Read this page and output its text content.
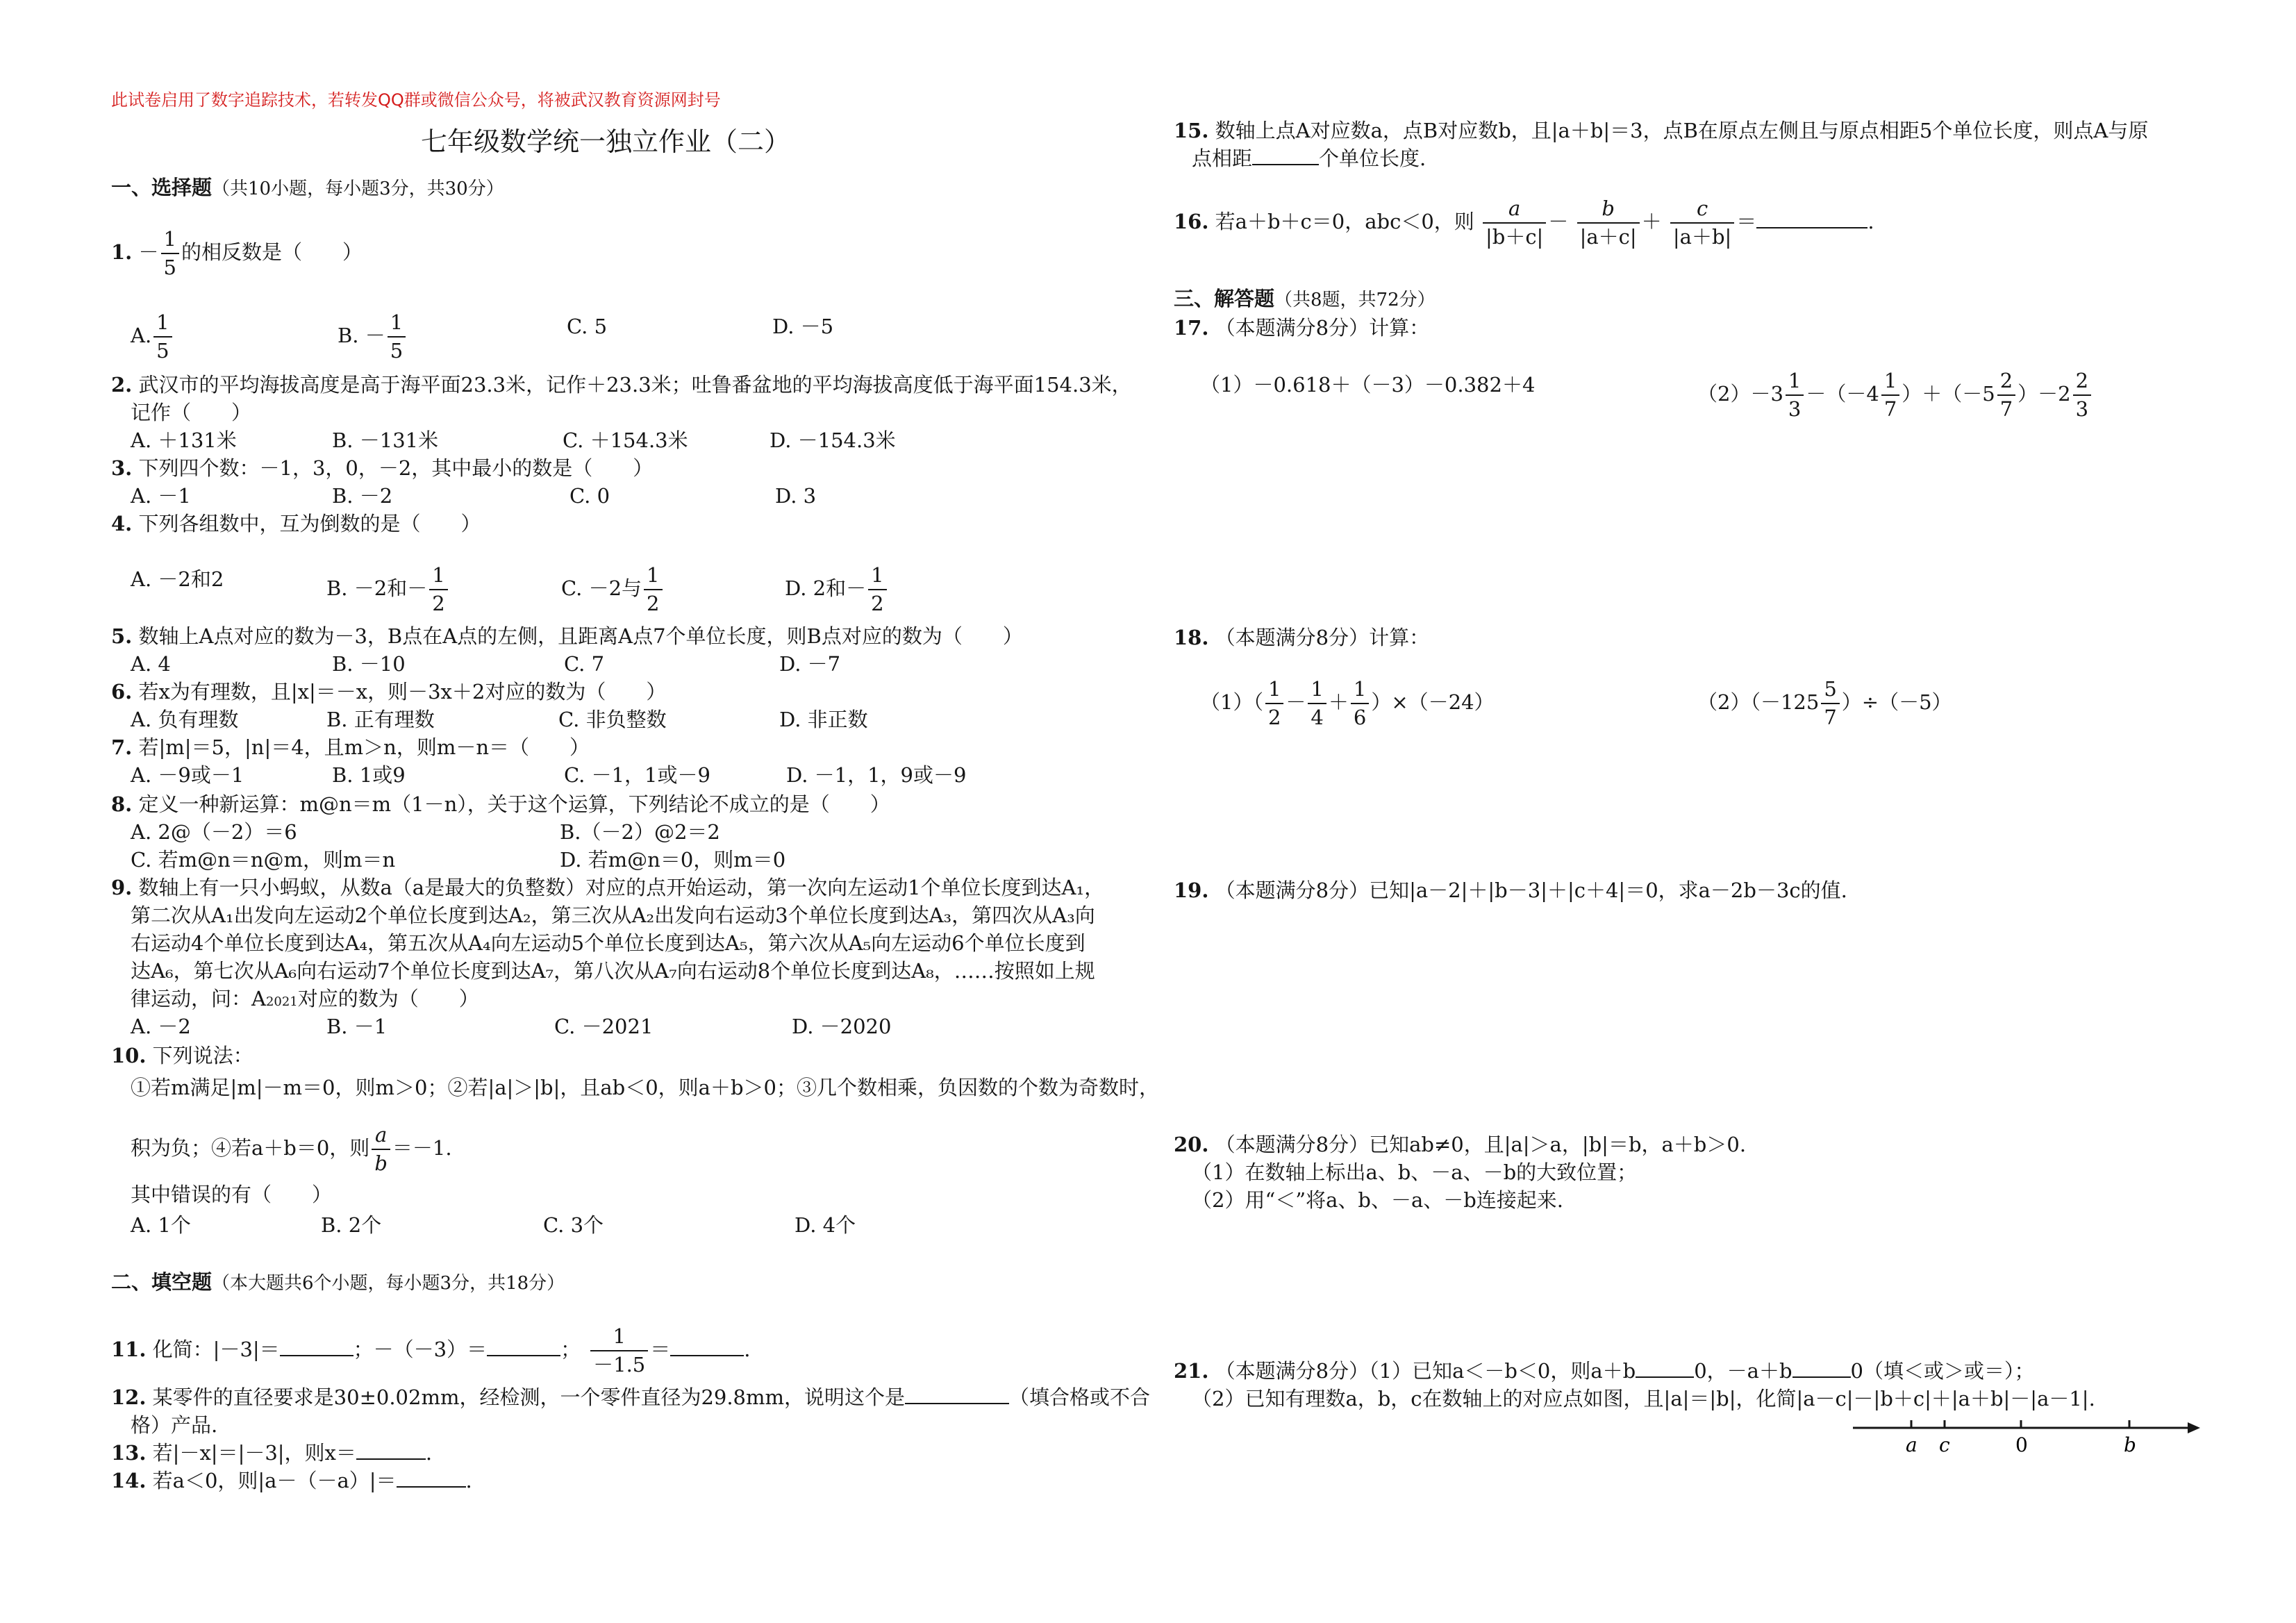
此试卷启用了数字追踪技术，若转发QQ群或微信公众号，将被武汉教育资源网封号
七年级数学统一独立作业（二）
一、选择题（共10小题，每小题3分，共30分）
1. － $\frac{1}{5}$ 的相反数是（　　）
A. $\frac{1}{5}$	B. － $\frac{1}{5}$	C. 5	D. －5
2. 武汉市的平均海拔高度是高于海平面23.3米，记作＋23.3米；吐鲁番盆地的平均海拔高度低于海平面154.3米，
记作（　　）
A. ＋131米	B. －131米	C. ＋154.3米	D. －154.3米
3. 下列四个数：－1，3，0，－2，其中最小的数是（　　）
A. －1	B. －2	C. 0	D. 3
4. 下列各组数中，互为倒数的是（　　）
A. －2和2	B. －2和－ $\frac{1}{2}$	C. －2与 $\frac{1}{2}$	D. 2和－ $\frac{1}{2}$
5. 数轴上A点对应的数为－3，B点在A点的左侧，且距离A点7个单位长度，则B点对应的数为（　　）
A. 4	B. －10	C. 7	D. －7
6. 若x为有理数，且|x|＝－x，则－3x＋2对应的数为（　　）
A. 负有理数	B. 正有理数	C. 非负整数	D. 非正数
7. 若|m|＝5，|n|＝4，且m＞n，则m－n＝（　　）
A. －9或－1	B. 1或9	C. －1，1或－9	D. －1，1，9或－9
8. 定义一种新运算：m@n＝m（1－n），关于这个运算，下列结论不成立的是（　　）
A. 2@（－2）＝6	B.（－2）@2＝2
C. 若m@n＝n@m，则m＝n	D. 若m@n＝0，则m＝0
9. 数轴上有一只小蚂蚁，从数a（a是最大的负整数）对应的点开始运动，第一次向左运动1个单位长度到达A₁，
第二次从A₁出发向左运动2个单位长度到达A₂，第三次从A₂出发向右运动3个单位长度到达A₃，第四次从A₃向
右运动4个单位长度到达A₄，第五次从A₄向左运动5个单位长度到达A₅，第六次从A₅向左运动6个单位长度到
达A₆，第七次从A₆向右运动7个单位长度到达A₇，第八次从A₇向右运动8个单位长度到达A₈，……按照如上规
律运动，问：A2021对应的数为（　　）
A. －2	B. －1	C. －2021	D. －2020
10. 下列说法：
①若m满足|m|－m＝0，则m＞0；②若|a|＞|b|，且ab＜0，则a＋b＞0；③几个数相乘，负因数的个数为奇数时，
积为负；④若a＋b＝0，则 $\frac{a}{b} =-1$.
其中错误的有（　　）
A. 1个	B. 2个	C. 3个	D. 4个
二、填空题（本大题共6个小题，每小题3分，共18分）
11. 化简：|－3|＝	；－（－3）＝	； $\frac{1}{-1.5}$ ＝	.
12. 某零件的直径要求是30±0.02mm，经检测，一个零件直径为29.8mm，说明这个是	（填合格或不合
格）产品.
13. 若|－x|＝|－3|，则x＝	.
14. 若a＜0，则|a－（－a）|＝	.
15. 数轴上点A对应数a，点B对应数b，且|a＋b|＝3，点B在原点左侧且与原点相距5个单位长度，则点A与原
点相距	个单位长度.
16. 若a＋b＋c＝0，abc＜0，则 $\frac{a}{|b+c|} - \frac{b}{|a+c|} + \frac{c}{|a+b|}$ ＝	.
三、解答题（共8题，共72分）
17. （本题满分8分）计算：
（1）－0.618＋（－3）－0.382＋4	$(2)-3 \frac{1}{3} -(-4 \frac{1}{7} )+(-5 \frac{2}{7} )-2 \frac{2}{3}$
18. （本题满分8分）计算：
$(1)( \frac{1}{2} - \frac{1}{4} + \frac{1}{6} )\times(-24)$	$(2)(-125 \frac{5}{7} )\div(-5)$
19. （本题满分8分）已知|a－2|＋|b－3|＋|c＋4|＝0，求a－2b－3c的值.
20. （本题满分8分）已知ab≠0，且|a|＞a，|b|＝b，a＋b＞0.
（1）在数轴上标出a、b、－a、－b的大致位置；
（2）用“＜”将a、b、－a、－b连接起来.
21. （本题满分8分）（1）已知a＜－b＜0，则a＋b	0，－a＋b	0（填＜或＞或＝）；
（2）已知有理数a，b，c在数轴上的对应点如图，且|a|＝|b|，化简|a－c|－|b＋c|＋|a＋b|－|a－1|.
a c	0	b
